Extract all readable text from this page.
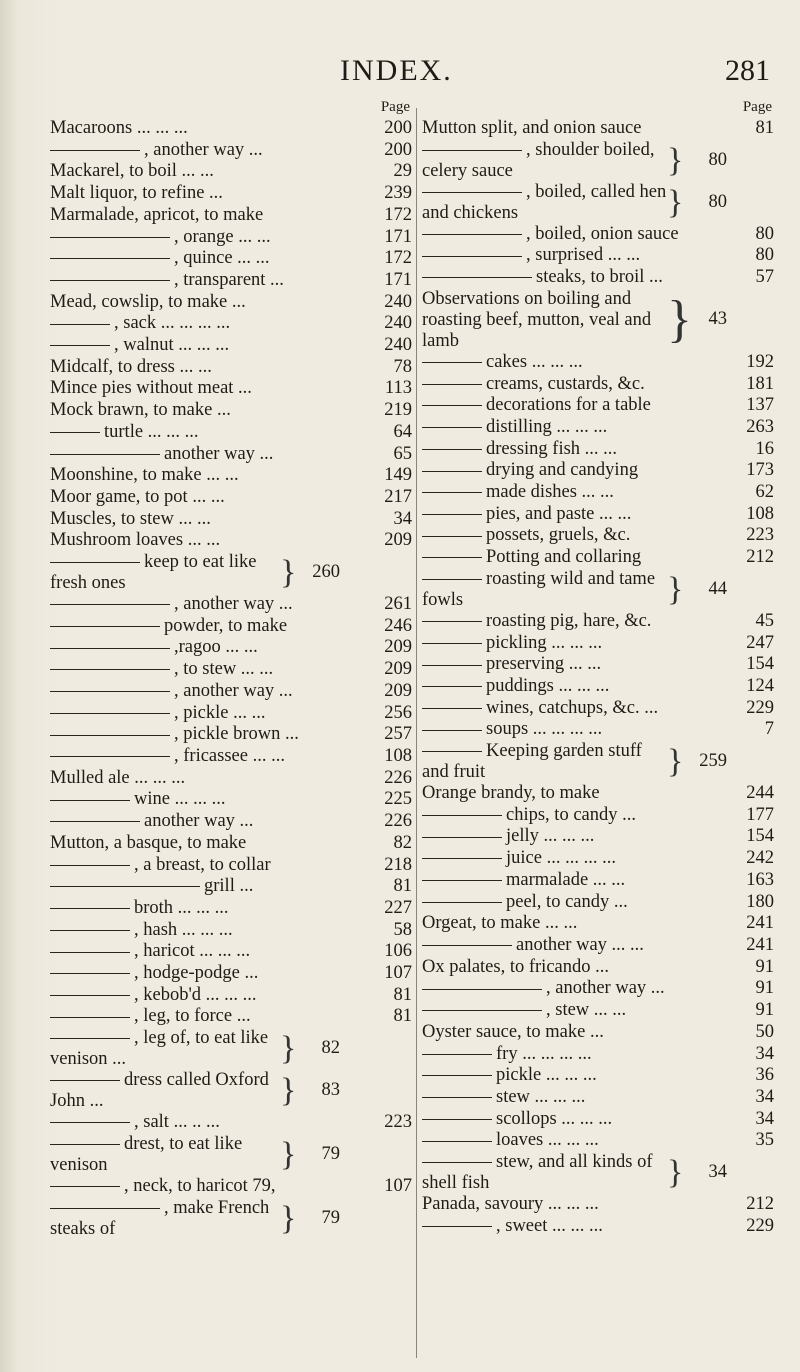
INDEX.	281
Page
Macaroons ... ... ...	200
, another way ...	200
Mackarel, to boil ... ...	29
Malt liquor, to refine ...	239
Marmalade, apricot, to make	172
, orange ... ...	171
, quince ... ...	172
, transparent ...	171
Mead, cowslip, to make ...	240
, sack ... ... ... ...	240
, walnut ... ... ...	240
Midcalf, to dress ... ...	78
Mince pies without meat ...	113
Mock brawn, to make ...	219
turtle ... ... ...	64
another way ...	65
Moonshine, to make ... ...	149
Moor game, to pot ... ...	217
Muscles, to stew ... ...	34
Mushroom loaves ... ...	209
keep to eat like fresh ones	} 260
, another way ...	261
powder, to make	246
,ragoo ... ...	209
, to stew ... ...	209
, another way ...	209
, pickle ... ...	256
, pickle brown ...	257
, fricassee ... ...	108
Mulled ale ... ... ...	226
wine ... ... ...	225
another way ...	226
Mutton, a basque, to make	82
, a breast, to collar	218
grill ...	81
broth ... ... ...	227
, hash ... ... ...	58
, haricot ... ... ...	106
, hodge-podge ...	107
, kebob'd ... ... ...	81
, leg, to force ...	81
, leg of, to eat like venison ...	}	82
dress called Oxford John ...	}	83
, salt ... .. ...	223
drest, to eat like venison	}	79
, neck, to haricot 79,	107
, make French steaks of	}	79
Page
Mutton split, and onion sauce	81
, shoulder boiled, celery sauce	}	80
, boiled, called hen and chickens	}	80
, boiled, onion sauce	80
, surprised ... ...	80
steaks, to broil ...	57
Observations on boiling and roasting beef, mutton, veal and lamb	} 43
cakes ... ... ...	192
creams, custards, &c.	181
decorations for a table	137
distilling ... ... ...	263
dressing fish ... ...	16
drying and candying	173
made dishes ... ...	62
pies, and paste ... ...	108
possets, gruels, &c.	223
Potting and collaring	212
roasting wild and tame fowls	}	44
roasting pig, hare, &c.	45
pickling ... ... ...	247
preserving ... ...	154
puddings ... ... ...	124
wines, catchups, &c. ...	229
soups ... ... ... ...	7
Keeping garden stuff and fruit	} 259
Orange brandy, to make	244
chips, to candy ...	177
jelly ... ... ...	154
juice ... ... ... ...	242
marmalade ... ...	163
peel, to candy ...	180
Orgeat, to make ... ...	241
another way ... ...	241
Ox palates, to fricando ...	91
, another way ...	91
, stew ... ...	91
Oyster sauce, to make ...	50
fry ... ... ... ...	34
pickle ... ... ...	36
stew ... ... ...	34
scollops ... ... ...	34
loaves ... ... ...	35
stew, and all kinds of shell fish	}	34
Panada, savoury ... ... ...	212
, sweet ... ... ...	229
